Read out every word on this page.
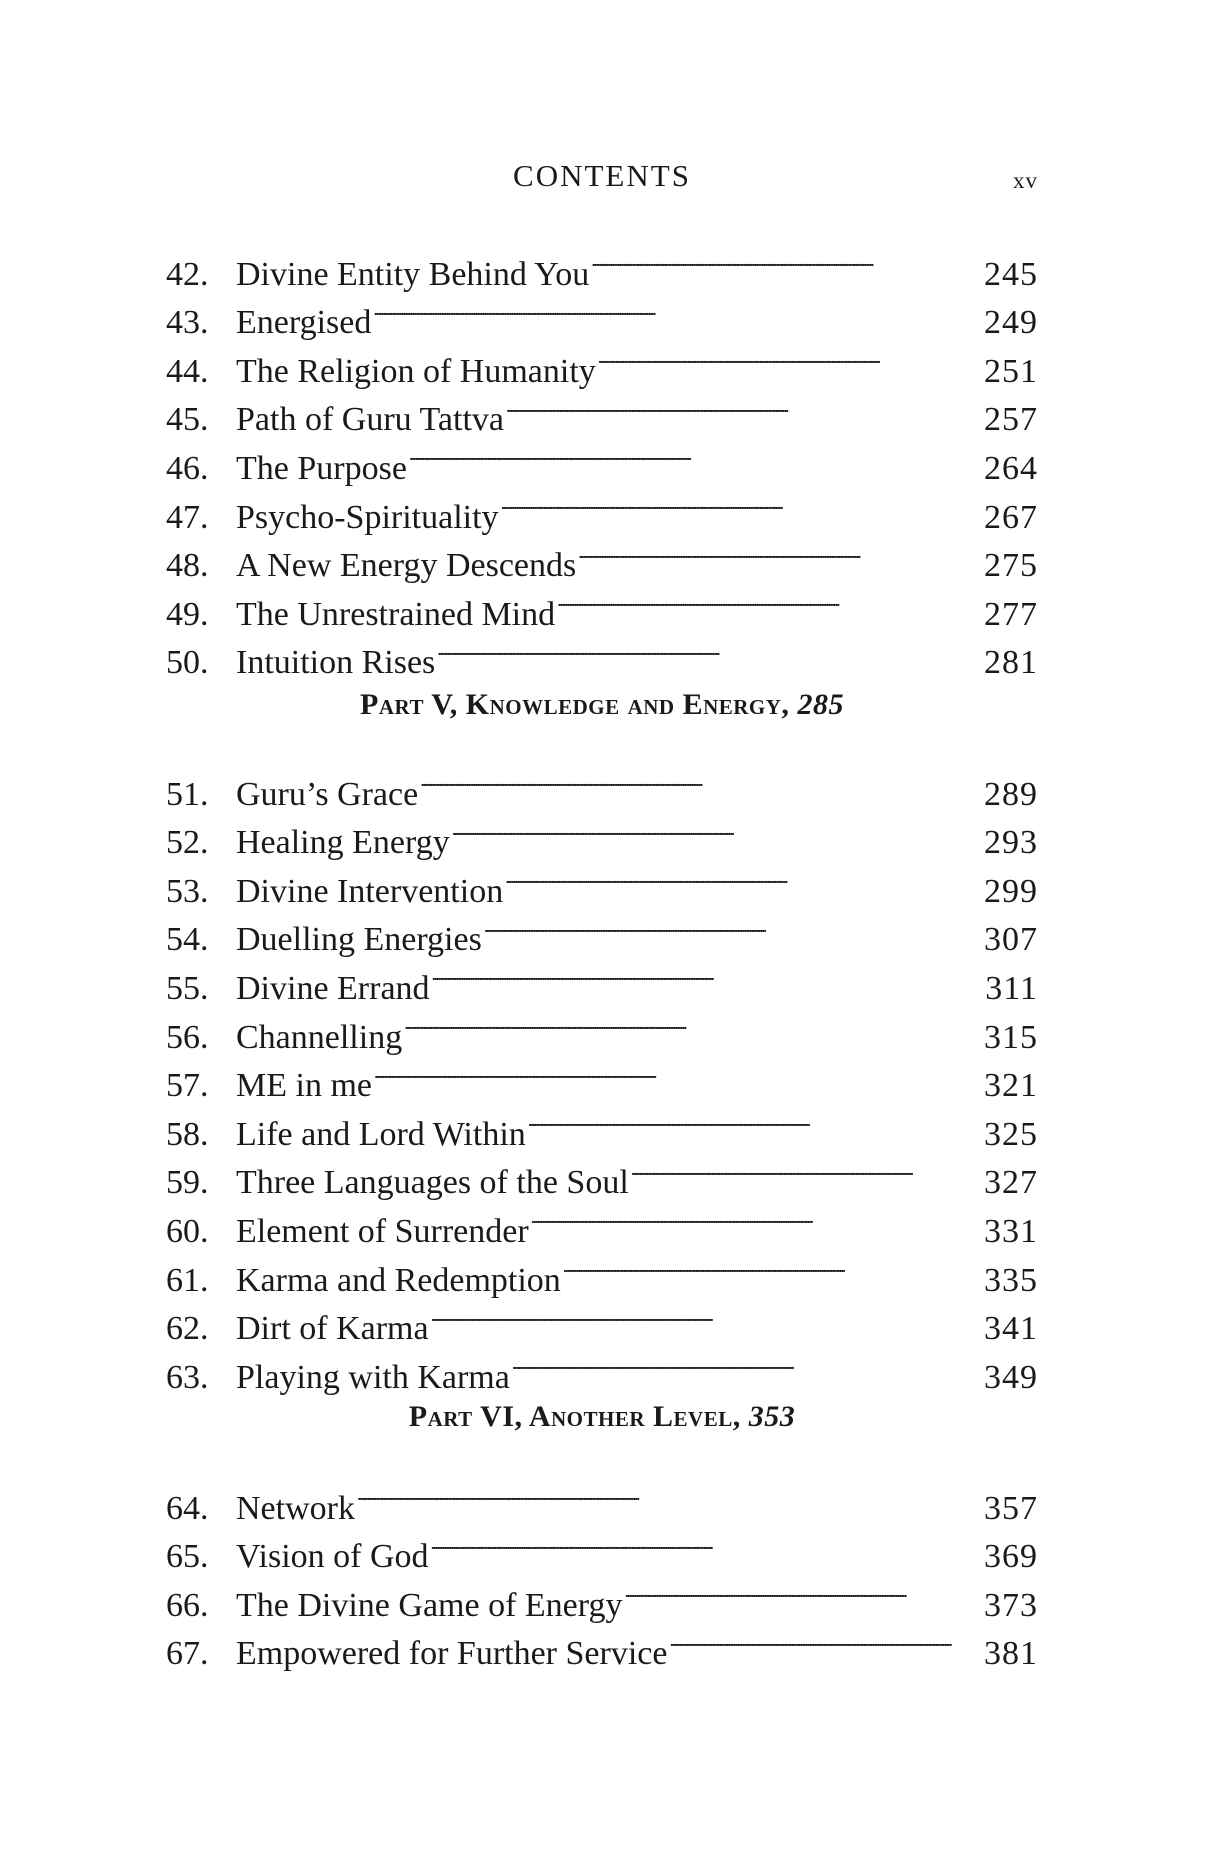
CONTENTS	xv
42. Divine Entity Behind You . . .	245
43. Energised . . .	249
44. The Religion of Humanity . . .	251
45. Path of Guru Tattva . . .	257
46. The Purpose . . .	264
47. Psycho-Spirituality . . .	267
48. A New Energy Descends . . .	275
49. The Unrestrained Mind . . .	277
50. Intuition Rises . . .	281
Part V, Knowledge and Energy, 285
51. Guru’s Grace . . .	289
52. Healing Energy . . .	293
53. Divine Intervention . . .	299
54. Duelling Energies . . .	307
55. Divine Errand . . .	311
56. Channelling . . .	315
57. ME in me . . .	321
58. Life and Lord Within . . .	325
59. Three Languages of the Soul . . .	327
60. Element of Surrender . . .	331
61. Karma and Redemption . . .	335
62. Dirt of Karma . . .	341
63. Playing with Karma . . .	349
Part VI, Another Level, 353
64. Network . . .	357
65. Vision of God . . .	369
66. The Divine Game of Energy . . .	373
67. Empowered for Further Service . . .	381
